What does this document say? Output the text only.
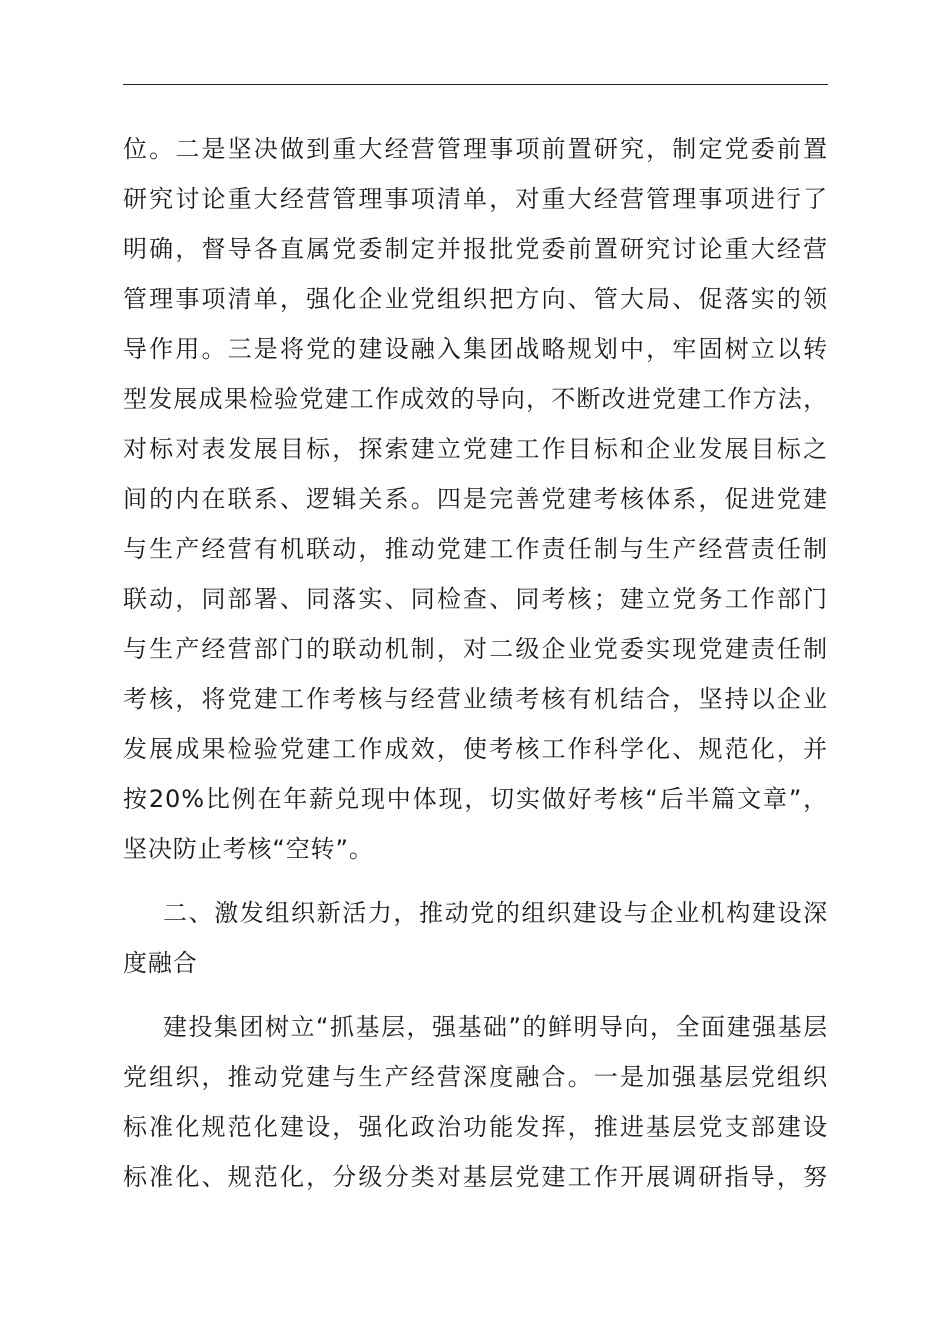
位。二是坚决做到重大经营管理事项前置研究，制定党委前置
研究讨论重大经营管理事项清单，对重大经营管理事项进行了
明确，督导各直属党委制定并报批党委前置研究讨论重大经营
管理事项清单，强化企业党组织把方向、管大局、促落实的领
导作用。三是将党的建设融入集团战略规划中，牢固树立以转
型发展成果检验党建工作成效的导向，不断改进党建工作方法，
对标对表发展目标，探索建立党建工作目标和企业发展目标之
间的内在联系、逻辑关系。四是完善党建考核体系，促进党建
与生产经营有机联动，推动党建工作责任制与生产经营责任制
联动，同部署、同落实、同检查、同考核；建立党务工作部门
与生产经营部门的联动机制，对二级企业党委实现党建责任制
考核，将党建工作考核与经营业绩考核有机结合，坚持以企业
发展成果检验党建工作成效，使考核工作科学化、规范化，并
按20%比例在年薪兑现中体现，切实做好考核“后半篇文章”，
坚决防止考核“空转”。
二、激发组织新活力，推动党的组织建设与企业机构建设深
度融合
建投集团树立“抓基层，强基础”的鲜明导向，全面建强基层
党组织，推动党建与生产经营深度融合。一是加强基层党组织
标准化规范化建设，强化政治功能发挥，推进基层党支部建设
标准化、规范化，分级分类对基层党建工作开展调研指导，努
